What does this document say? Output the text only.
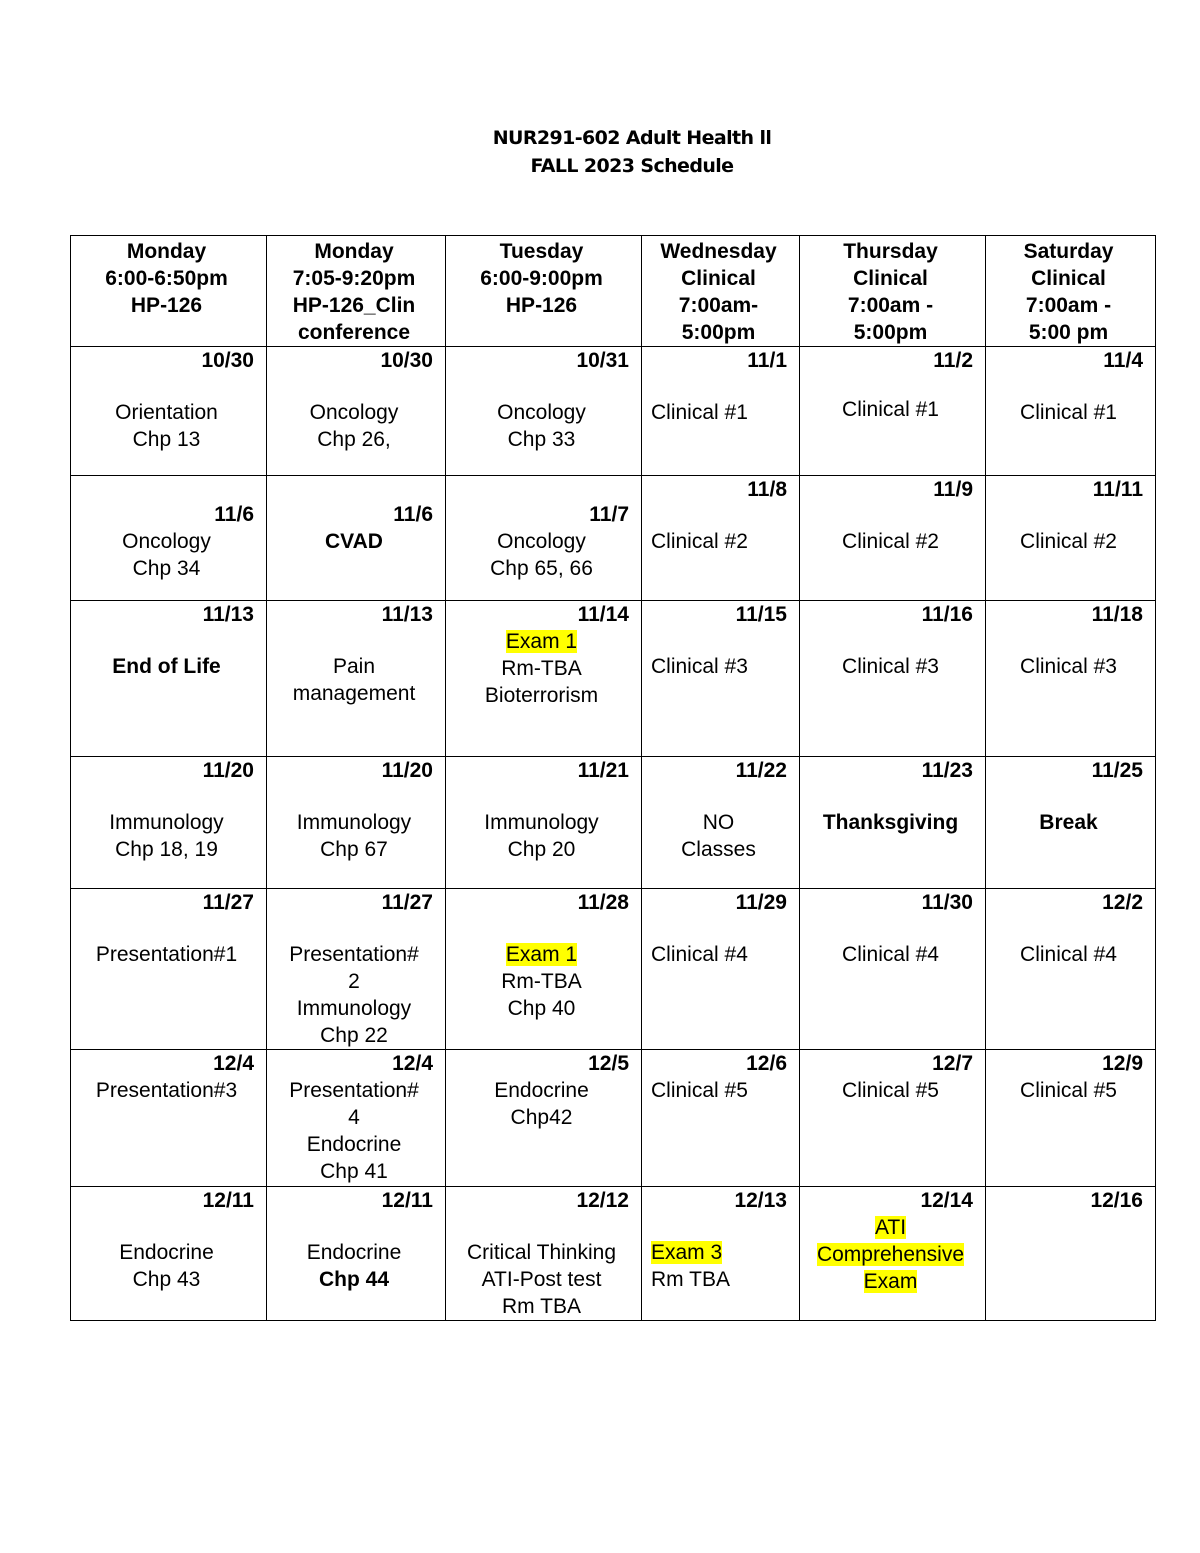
NUR291-602 Adult Health ll
FALL 2023 Schedule
Monday
6:00-6:50pm
HP-126	Monday
7:05-9:20pm
HP-126_Clin
conference	Tuesday
6:00-9:00pm
HP-126	Wednesday
Clinical
7:00am-
5:00pm	Thursday
Clinical
7:00am -
5:00pm	Saturday
Clinical
7:00am -
5:00 pm

10/30
Orientation
Chp 13	10/30
Oncology
Chp 26,	10/31
Oncology
Chp 33	11/1
Clinical #1	11/2
Clinical #1	11/4
Clinical #1

11/6
Oncology
Chp 34	11/6
CVAD	11/7
Oncology
Chp 65, 66	11/8
Clinical #2	11/9
Clinical #2	11/11
Clinical #2

11/13
End of Life	11/13
Pain
management	11/14
Exam 1
Rm-TBA
Bioterrorism	11/15
Clinical #3	11/16
Clinical #3	11/18
Clinical #3

11/20
Immunology
Chp 18, 19	11/20
Immunology
Chp 67	11/21
Immunology
Chp 20	11/22
NO
Classes	11/23
Thanksgiving	11/25
Break

11/27
Presentation#1	11/27
Presentation#
2
Immunology
Chp 22	11/28
Exam 1
Rm-TBA
Chp 40	11/29
Clinical #4	11/30
Clinical #4	12/2
Clinical #4

12/4
Presentation#3	12/4
Presentation#
4
Endocrine
Chp 41	12/5
Endocrine
Chp42	12/6
Clinical #5	12/7
Clinical #5	12/9
Clinical #5

12/11
Endocrine
Chp 43	12/11
Endocrine
Chp 44	12/12
Critical Thinking
ATI-Post test
Rm TBA	12/13
Exam 3
Rm TBA	12/14
ATI
Comprehensive
Exam	12/16
